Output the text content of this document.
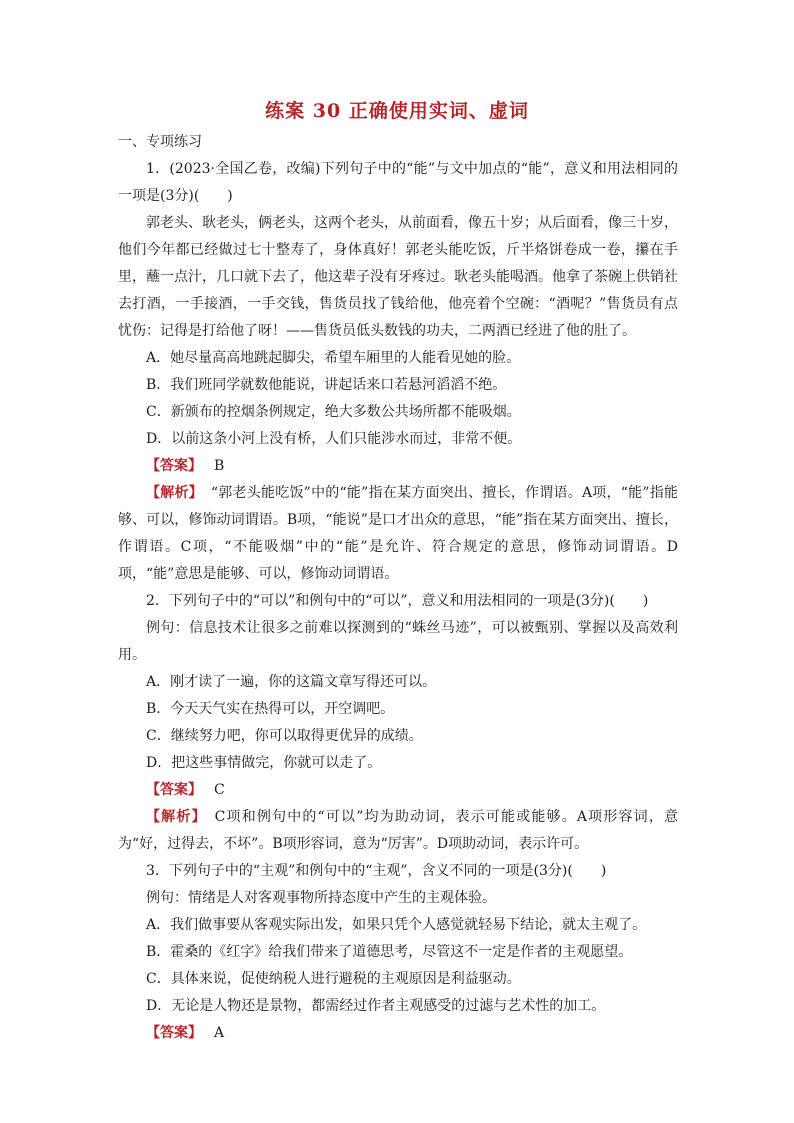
练案 30 正确使用实词、虚词

一、专项练习

1．(2023·全国乙卷，改编)下列句子中的“能”与文中加点的“能”，意义和用法相同的一项是(3分)(　　)

郭老头、耿老头，俩老头，这两个老头，从前面看，像五十岁；从后面看，像三十岁，他们今年都已经做过七十整寿了，身体真好！郭老头能吃饭，斤半烙饼卷成一卷，攥在手里，蘸一点汁，几口就下去了，他这辈子没有牙疼过。耿老头能喝酒。他拿了茶碗上供销社去打酒，一手接酒，一手交钱，售货员找了钱给他，他亮着个空碗：“酒呢？”售货员有点忧伤：记得是打给他了呀！——售货员低头数钱的功夫，二两酒已经进了他的肚了。

A．她尽量高高地跳起脚尖，希望车厢里的人能看见她的脸。

B．我们班同学就数他能说，讲起话来口若悬河滔滔不绝。

C．新颁布的控烟条例规定，绝大多数公共场所都不能吸烟。

D．以前这条小河上没有桥，人们只能涉水而过，非常不便。

【答案】 B

【解析】 “郭老头能吃饭”中的“能”指在某方面突出、擅长，作谓语。A项，“能”指能够、可以，修饰动词谓语。B项，“能说”是口才出众的意思，“能”指在某方面突出、擅长，作谓语。C项，“不能吸烟”中的“能”是允许、符合规定的意思，修饰动词谓语。D项，“能”意思是能够、可以，修饰动词谓语。

2．下列句子中的“可以”和例句中的“可以”，意义和用法相同的一项是(3分)(　　)

例句：信息技术让很多之前难以探测到的“蛛丝马迹”，可以被甄别、掌握以及高效利用。

A．刚才读了一遍，你的这篇文章写得还可以。

B．今天天气实在热得可以，开空调吧。

C．继续努力吧，你可以取得更优异的成绩。

D．把这些事情做完，你就可以走了。

【答案】 C

【解析】 C项和例句中的“可以”均为助动词，表示可能或能够。A项形容词，意为“好，过得去，不坏”。B项形容词，意为“厉害”。D项助动词，表示许可。

3．下列句子中的“主观”和例句中的“主观”，含义不同的一项是(3分)(　　)

例句：情绪是人对客观事物所持态度中产生的主观体验。

A．我们做事要从客观实际出发，如果只凭个人感觉就轻易下结论，就太主观了。

B．霍桑的《红字》给我们带来了道德思考，尽管这不一定是作者的主观愿望。

C．具体来说，促使纳税人进行避税的主观原因是利益驱动。

D．无论是人物还是景物，都需经过作者主观感受的过滤与艺术性的加工。

【答案】 A
